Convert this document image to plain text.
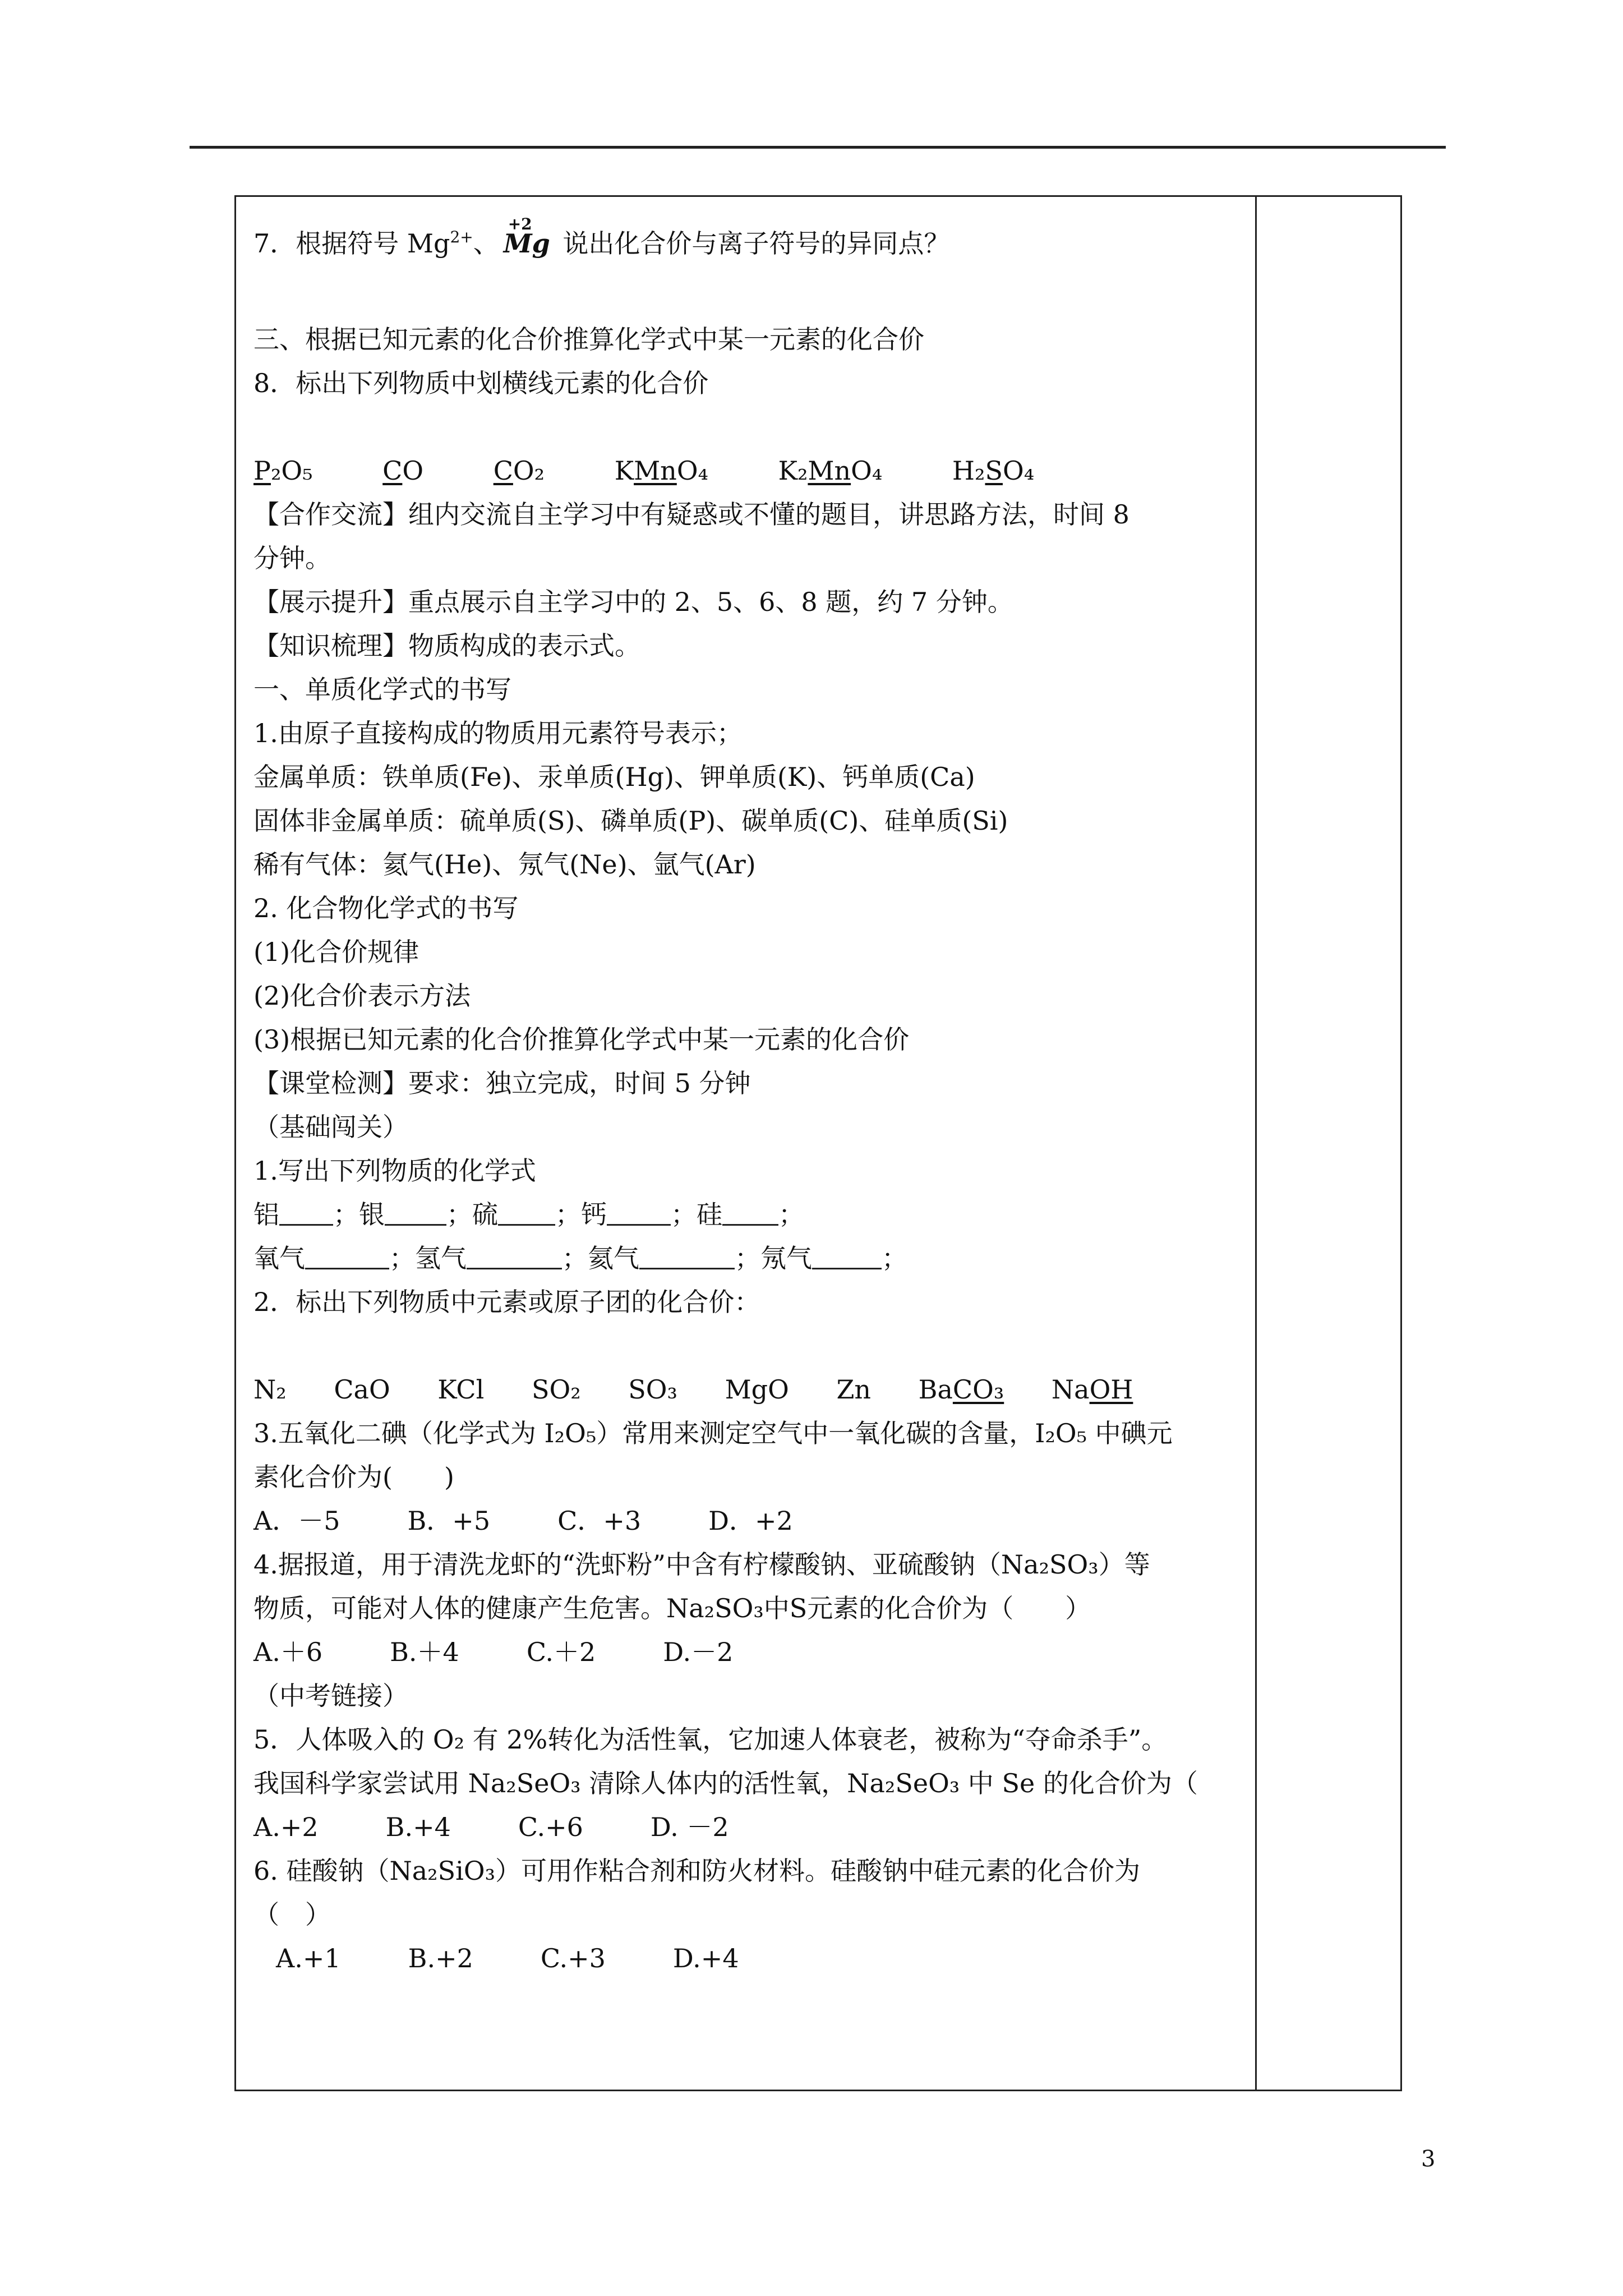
7．根据符号 $Mg^{2+}$、
+2
Mg 说出化合价与离子符号的异同点？
三、根据已知元素的化合价推算化学式中某一元素的化合价
8．标出下列物质中划横线元素的化合价
P₂O₅	CO	CO₂	KMnO₄	K₂MnO₄	H₂SO₄
【合作交流】组内交流自主学习中有疑惑或不懂的题目，讲思路方法，时间 8
分钟。
【展示提升】重点展示自主学习中的 2、5、6、8 题，约 7 分钟。
【知识梳理】物质构成的表示式。
一、单质化学式的书写
1.由原子直接构成的物质用元素符号表示；
金属单质：铁单质(Fe)、汞单质(Hg)、钾单质(K)、钙单质(Ca)
固体非金属单质：硫单质(S)、磷单质(P)、碳单质(C)、硅单质(Si)
稀有气体：氦气(He)、氖气(Ne)、氩气(Ar)
2. 化合物化学式的书写
(1)化合价规律
(2)化合价表示方法
(3)根据已知元素的化合价推算化学式中某一元素的化合价
【课堂检测】要求：独立完成，时间 5 分钟
（基础闯关）
1.写出下列物质的化学式
铝 ；银 ；硫 ；钙 ；硅 ；
氧气	；氢气	；氦气	；氖气	；
2．标出下列物质中元素或原子团的化合价：
N₂ CaO KCl SO₂ SO₃ MgO Zn BaCO₃ NaOH
3.五氧化二碘（化学式为 I₂O₅）常用来测定空气中一氧化碳的含量，I₂O₅ 中碘元
素化合价为(　　)
A．－5	B．+5	C．+3	D．+2
4.据报道，用于清洗龙虾的“洗虾粉”中含有柠檬酸钠、亚硫酸钠（Na₂SO₃）等
物质，可能对人体的健康产生危害。Na₂SO₃中S元素的化合价为（　　）
A.＋6	B.＋4	C.＋2	D.－2
（中考链接）
5．人体吸入的 O₂ 有 2%转化为活性氧，它加速人体衰老，被称为“夺命杀手”。
我国科学家尝试用 Na₂SeO₃ 清除人体内的活性氧，Na₂SeO₃ 中 Se 的化合价为（
A.+2	B.+4	C.+6	D. －2
6. 硅酸钠（Na₂SiO₃）可用作粘合剂和防火材料。硅酸钠中硅元素的化合价为
（　）
A.+1	B.+2	C.+3	D.+4
3
